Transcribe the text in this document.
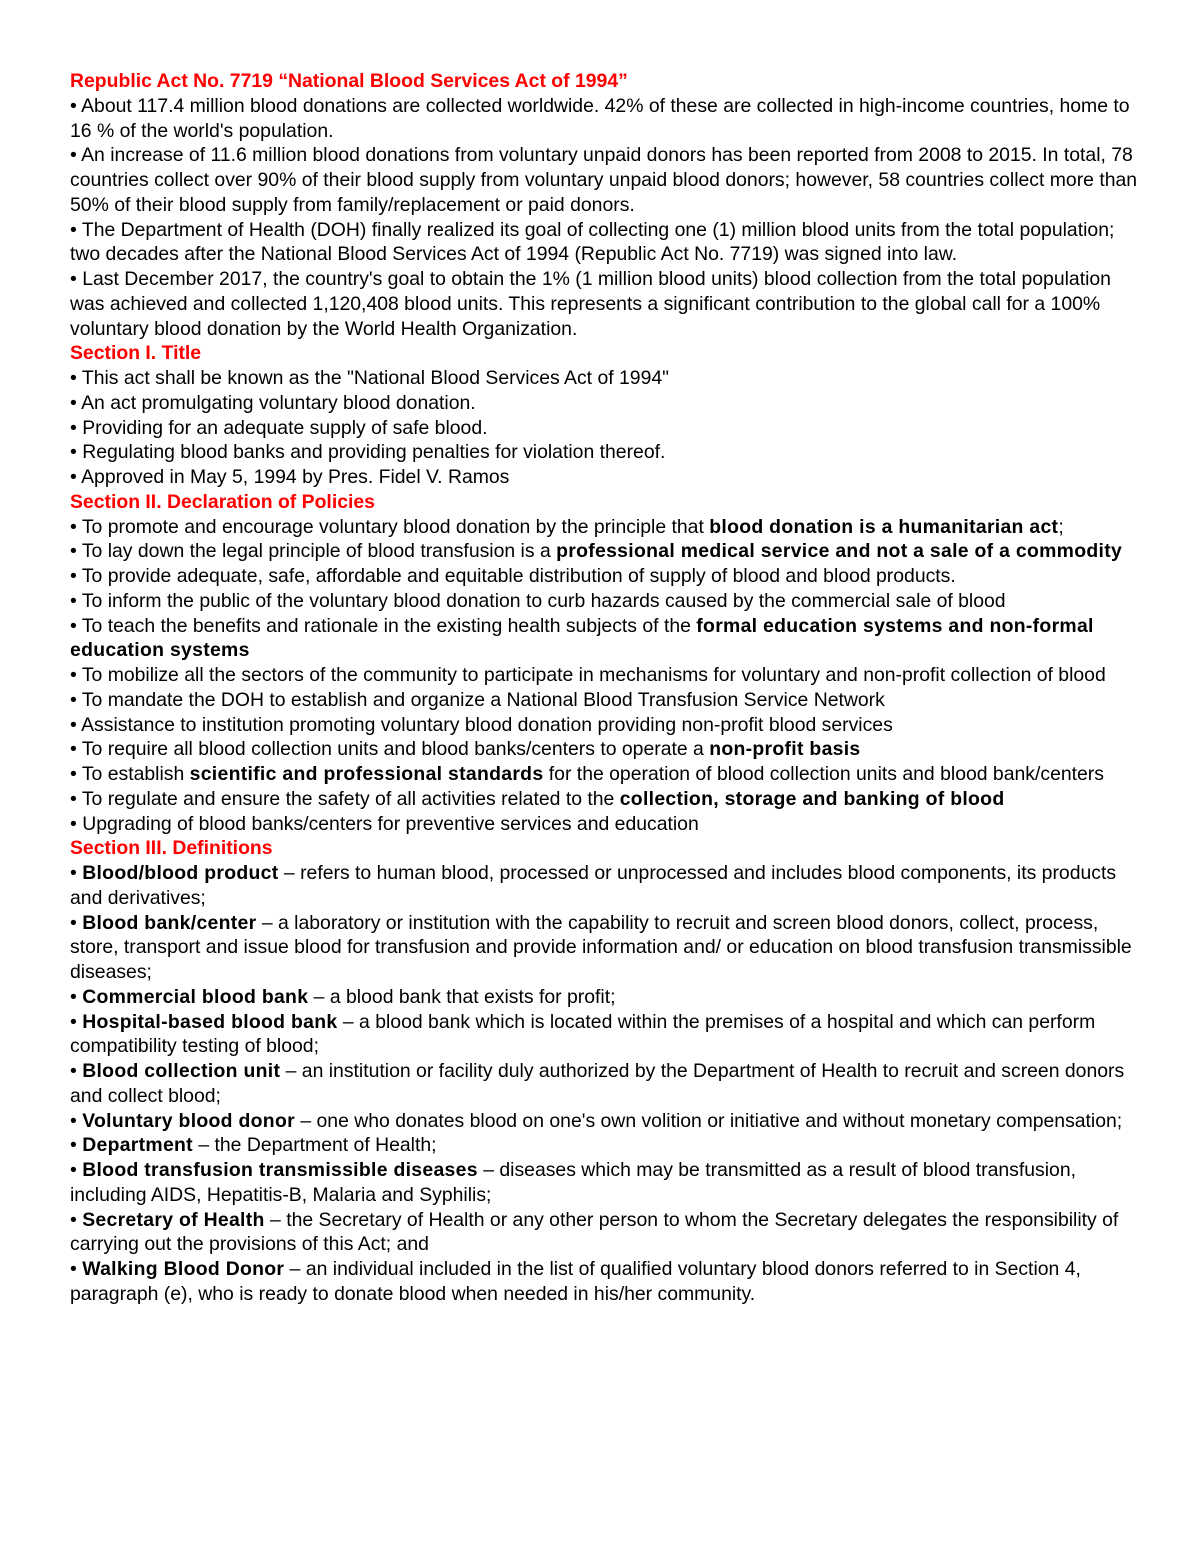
Republic Act No. 7719 “National Blood Services Act of 1994”

• About 117.4 million blood donations are collected worldwide. 42% of these are collected in high-income countries, home to 16 % of the world's population.

• An increase of 11.6 million blood donations from voluntary unpaid donors has been reported from 2008 to 2015. In total, 78 countries collect over 90% of their blood supply from voluntary unpaid blood donors; however, 58 countries collect more than 50% of their blood supply from family/replacement or paid donors.

• The Department of Health (DOH) finally realized its goal of collecting one (1) million blood units from the total population; two decades after the National Blood Services Act of 1994 (Republic Act No. 7719) was signed into law.

• Last December 2017, the country's goal to obtain the 1% (1 million blood units) blood collection from the total population was achieved and collected 1,120,408 blood units. This represents a significant contribution to the global call for a 100% voluntary blood donation by the World Health Organization.

Section I. Title

• This act shall be known as the "National Blood Services Act of 1994"

• An act promulgating voluntary blood donation.

• Providing for an adequate supply of safe blood.

• Regulating blood banks and providing penalties for violation thereof.

• Approved in May 5, 1994 by Pres. Fidel V. Ramos

Section II. Declaration of Policies

• To promote and encourage voluntary blood donation by the principle that blood donation is a humanitarian act;

• To lay down the legal principle of blood transfusion is a professional medical service and not a sale of a commodity

• To provide adequate, safe, affordable and equitable distribution of supply of blood and blood products.

• To inform the public of the voluntary blood donation to curb hazards caused by the commercial sale of blood

• To teach the benefits and rationale in the existing health subjects of the formal education systems and non-formal education systems

• To mobilize all the sectors of the community to participate in mechanisms for voluntary and non-profit collection of blood

• To mandate the DOH to establish and organize a National Blood Transfusion Service Network

• Assistance to institution promoting voluntary blood donation providing non-profit blood services

• To require all blood collection units and blood banks/centers to operate a non-profit basis

• To establish scientific and professional standards for the operation of blood collection units and blood bank/centers

• To regulate and ensure the safety of all activities related to the collection, storage and banking of blood

• Upgrading of blood banks/centers for preventive services and education

Section III. Definitions

• Blood/blood product – refers to human blood, processed or unprocessed and includes blood components, its products and derivatives;

• Blood bank/center – a laboratory or institution with the capability to recruit and screen blood donors, collect, process, store, transport and issue blood for transfusion and provide information and/ or education on blood transfusion transmissible diseases;

• Commercial blood bank – a blood bank that exists for profit;

• Hospital-based blood bank – a blood bank which is located within the premises of a hospital and which can perform compatibility testing of blood;

• Blood collection unit – an institution or facility duly authorized by the Department of Health to recruit and screen donors and collect blood;

• Voluntary blood donor – one who donates blood on one's own volition or initiative and without monetary compensation;

• Department – the Department of Health;

• Blood transfusion transmissible diseases – diseases which may be transmitted as a result of blood transfusion, including AIDS, Hepatitis-B, Malaria and Syphilis;

• Secretary of Health – the Secretary of Health or any other person to whom the Secretary delegates the responsibility of carrying out the provisions of this Act; and

• Walking Blood Donor – an individual included in the list of qualified voluntary blood donors referred to in Section 4, paragraph (e), who is ready to donate blood when needed in his/her community.
